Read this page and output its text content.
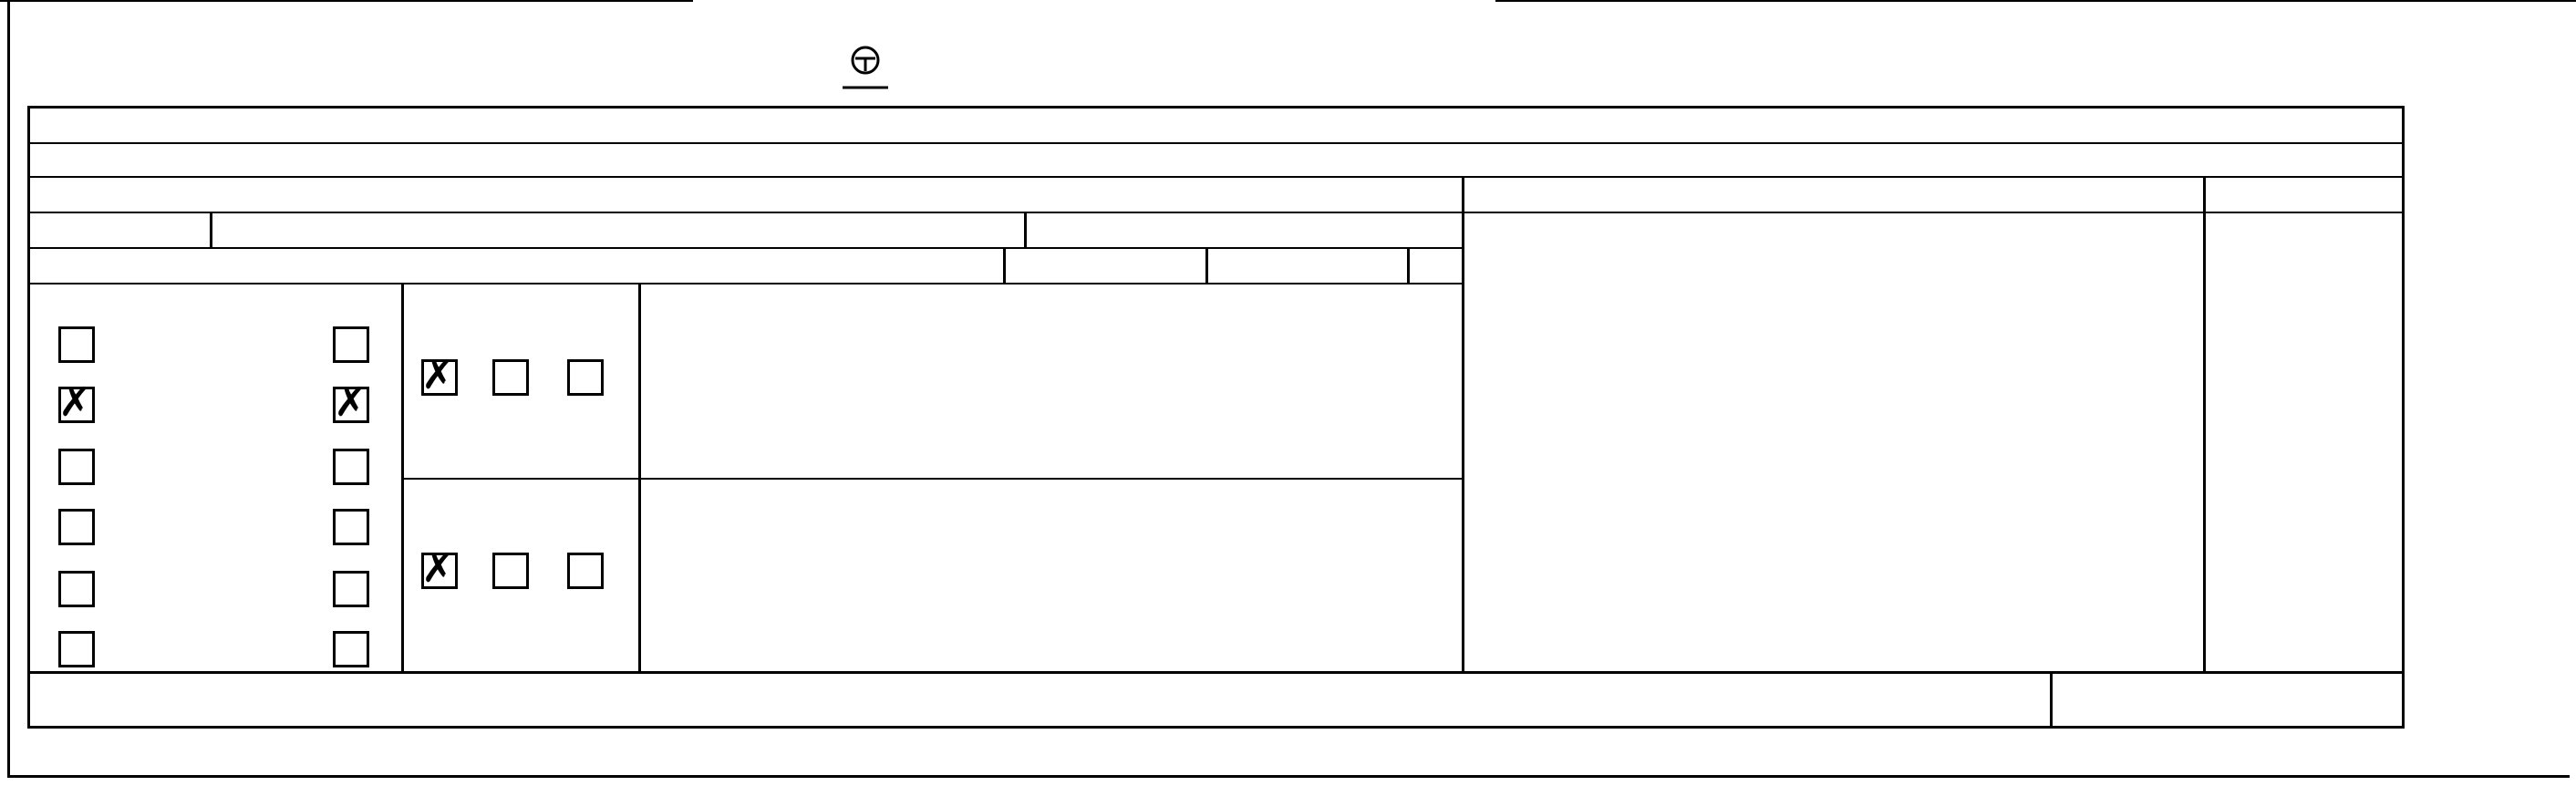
✗	✗
✗
✗
